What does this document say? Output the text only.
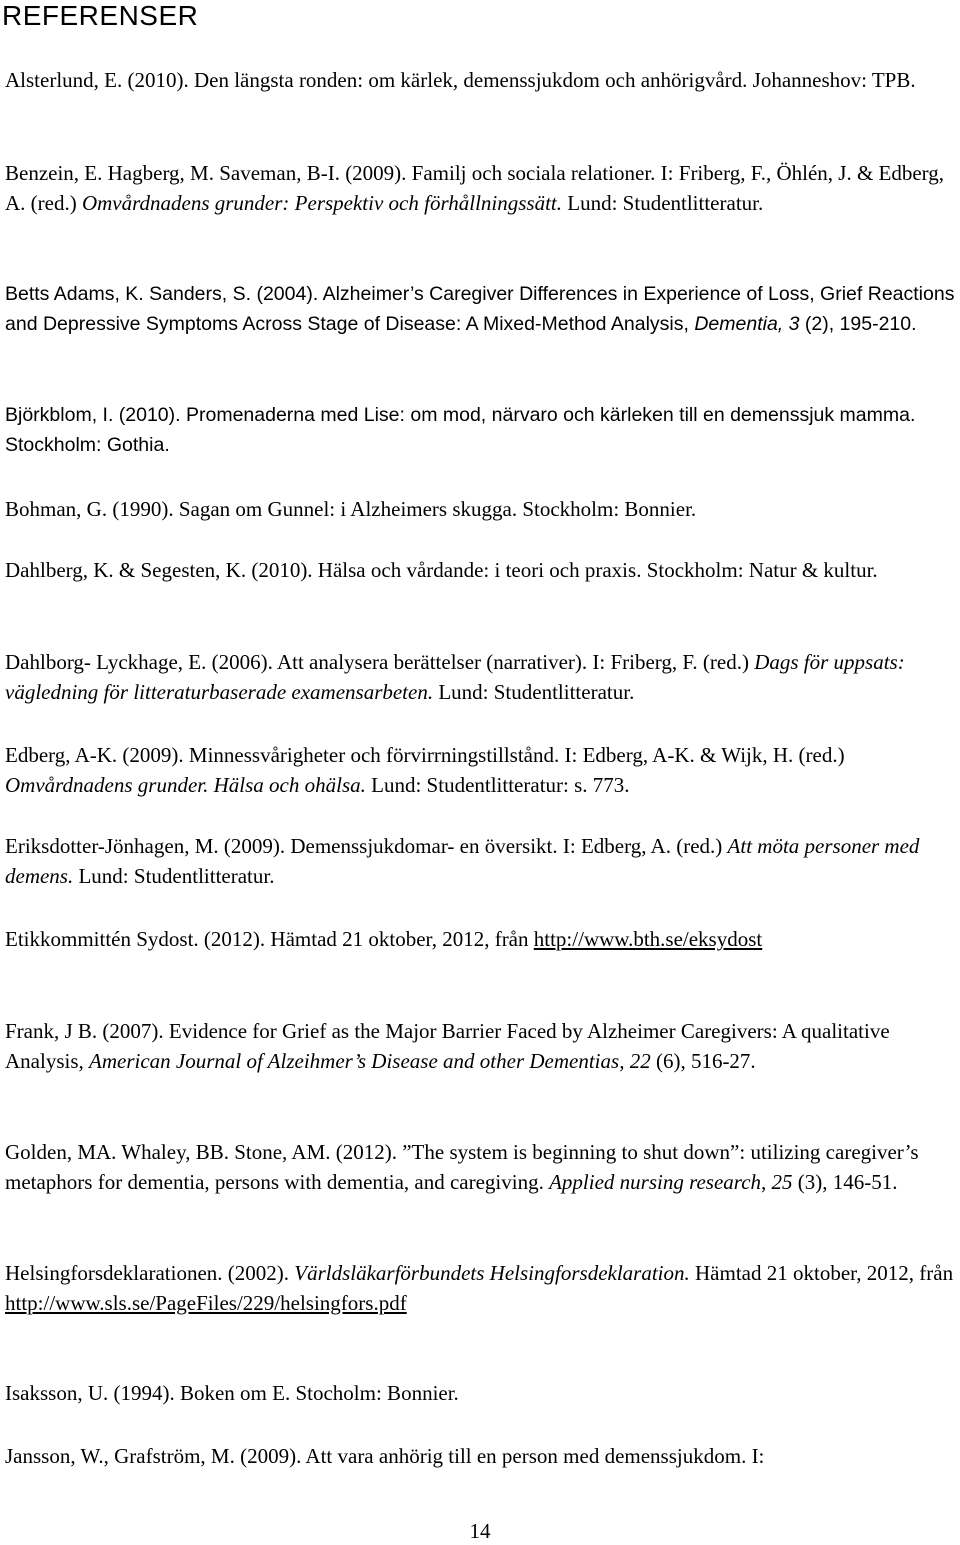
REFERENSER

Alsterlund, E. (2010). Den längsta ronden: om kärlek, demenssjukdom och anhörigvård. Johanneshov: TPB.

Benzein, E. Hagberg, M. Saveman, B-I. (2009). Familj och sociala relationer. I: Friberg, F., Öhlén, J. & Edberg, A. (red.) Omvårdnadens grunder: Perspektiv och förhållningssätt. Lund: Studentlitteratur.

Betts Adams, K. Sanders, S. (2004). Alzheimer’s Caregiver Differences in Experience of Loss, Grief Reactions and Depressive Symptoms Across Stage of Disease: A Mixed-Method Analysis, Dementia, 3 (2), 195-210.

Björkblom, I. (2010). Promenaderna med Lise: om mod, närvaro och kärleken till en demenssjuk mamma. Stockholm: Gothia.

Bohman, G. (1990). Sagan om Gunnel: i Alzheimers skugga. Stockholm: Bonnier.

Dahlberg, K. & Segesten, K. (2010). Hälsa och vårdande: i teori och praxis. Stockholm: Natur & kultur.

Dahlborg- Lyckhage, E. (2006). Att analysera berättelser (narrativer). I: Friberg, F. (red.) Dags för uppsats: vägledning för litteraturbaserade examensarbeten. Lund: Studentlitteratur.

Edberg, A-K. (2009). Minnessvårigheter och förvirrningstillstånd. I: Edberg, A-K. & Wijk, H. (red.) Omvårdnadens grunder. Hälsa och ohälsa. Lund: Studentlitteratur: s. 773.

Eriksdotter-Jönhagen, M. (2009). Demenssjukdomar- en översikt. I: Edberg, A. (red.) Att möta personer med demens. Lund: Studentlitteratur.

Etikkommittén Sydost. (2012). Hämtad 21 oktober, 2012, från http://www.bth.se/eksydost

Frank, J B. (2007). Evidence for Grief as the Major Barrier Faced by Alzheimer Caregivers: A qualitative Analysis, American Journal of Alzeihmer’s Disease and other Dementias, 22 (6), 516-27.

Golden, MA. Whaley, BB. Stone, AM. (2012). ”The system is beginning to shut down”: utilizing caregiver’s metaphors for dementia, persons with dementia, and caregiving. Applied nursing research, 25 (3), 146-51.

Helsingforsdeklarationen. (2002). Världsläkarförbundets Helsingforsdeklaration. Hämtad 21 oktober, 2012, från http://www.sls.se/PageFiles/229/helsingfors.pdf

Isaksson, U. (1994). Boken om E. Stocholm: Bonnier.

Jansson, W., Grafström, M. (2009). Att vara anhörig till en person med demenssjukdom. I:

14
